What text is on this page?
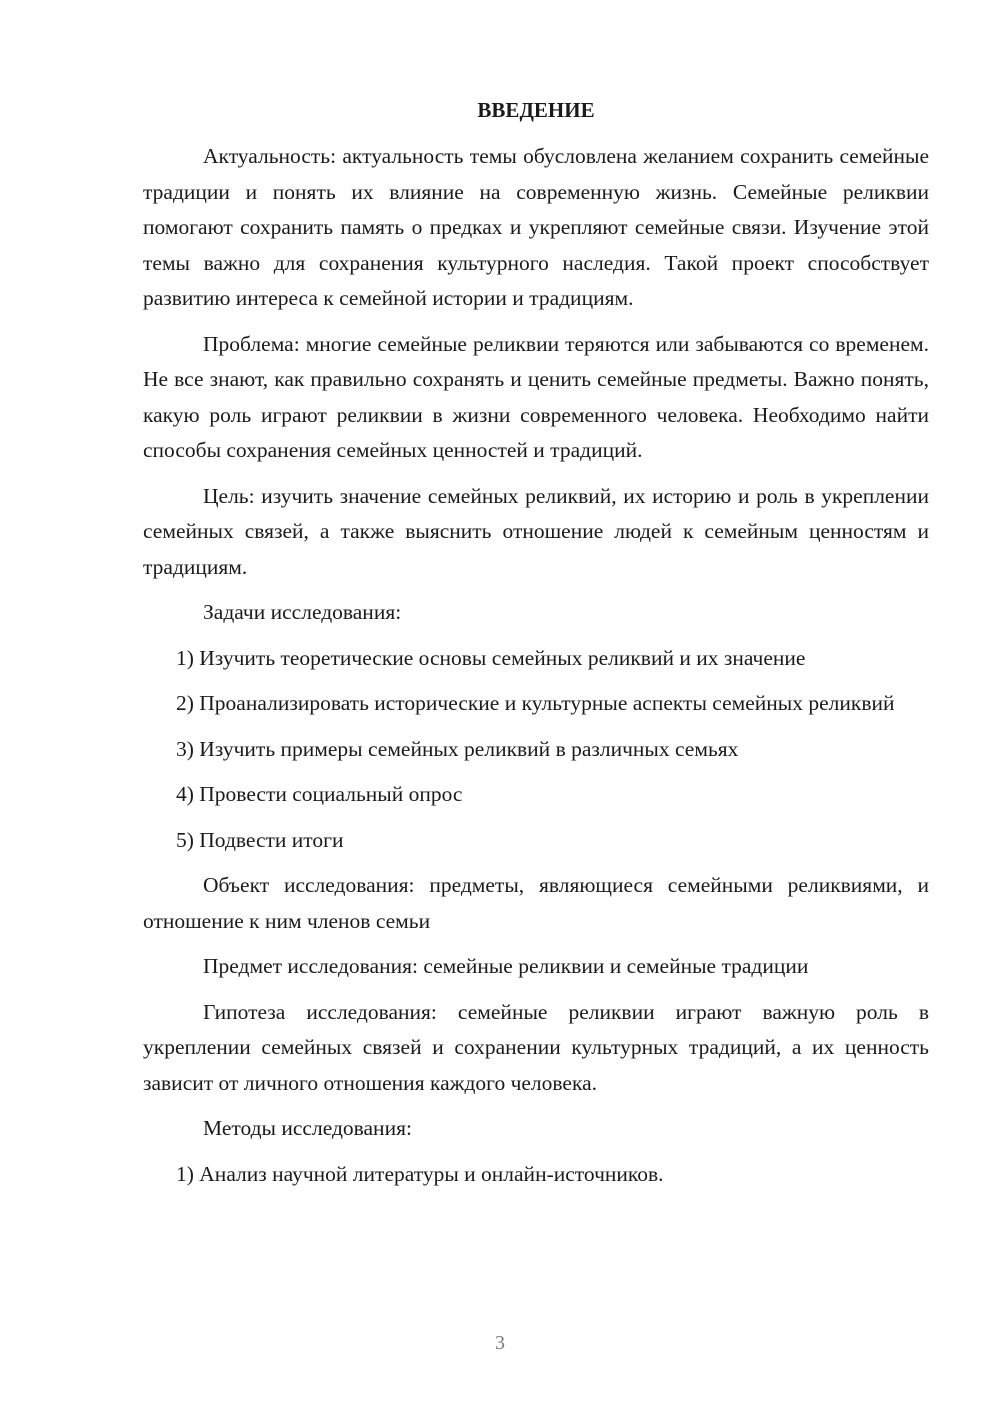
ВВЕДЕНИЕ

Актуальность: актуальность темы обусловлена желанием сохранить семейные традиции и понять их влияние на современную жизнь. Семейные реликвии помогают сохранить память о предках и укрепляют семейные связи. Изучение этой темы важно для сохранения культурного наследия. Такой проект способствует развитию интереса к семейной истории и традициям.

Проблема: многие семейные реликвии теряются или забываются со временем. Не все знают, как правильно сохранять и ценить семейные предметы. Важно понять, какую роль играют реликвии в жизни современного человека. Необходимо найти способы сохранения семейных ценностей и традиций.

Цель: изучить значение семейных реликвий, их историю и роль в укреплении семейных связей, а также выяснить отношение людей к семейным ценностям и традициям.

Задачи исследования:

1) Изучить теоретические основы семейных реликвий и их значение

2) Проанализировать исторические и культурные аспекты семейных реликвий

3) Изучить примеры семейных реликвий в различных семьях

4) Провести социальный опрос

5) Подвести итоги

Объект исследования: предметы, являющиеся семейными реликвиями, и отношение к ним членов семьи

Предмет исследования: семейные реликвии и семейные традиции

Гипотеза исследования: семейные реликвии играют важную роль в укреплении семейных связей и сохранении культурных традиций, а их ценность зависит от личного отношения каждого человека.

Методы исследования:

1) Анализ научной литературы и онлайн-источников.

3
